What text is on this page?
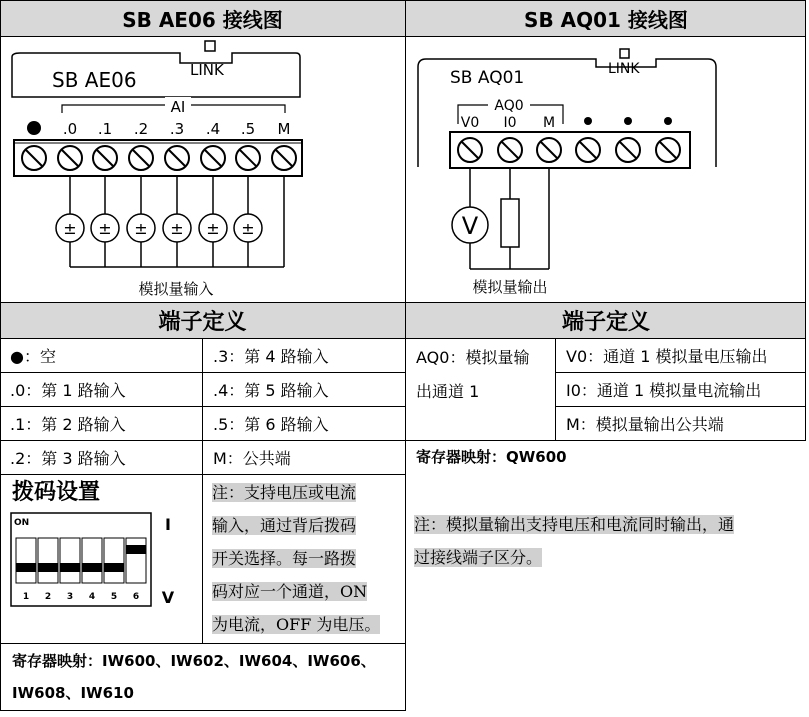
SB AE06 接线图	SB AQ01 接线图
SB AE06	LINK
AI
.0 .1 .2 .3 .4 .5 M
± ± ± ± ± ±
模拟量输入
SB AQ01	LINK
AQ0
V0 I0 M
V
模拟量输出
端子定义	端子定义
●：空	.3：第 4 路输入
.0：第 1 路输入	.4：第 5 路输入
.1：第 2 路输入	.5：第 6 路输入
.2：第 3 路输入	M：公共端
AQ0：模拟量输
出通道 1
V0：通道 1 模拟量电压输出
I0：通道 1 模拟量电流输出
M：模拟量输出公共端
寄存器映射：QW600
注：模拟量输出支持电压和电流同时输出，通
过接线端子区分。
拨码设置
ON
1 2 3 4 5 6
I
V
注：支持电压或电流
输入，通过背后拨码
开关选择。每一路拨
码对应一个通道，ON
为电流，OFF 为电压。
寄存器映射：IW600、IW602、IW604、IW606、
IW608、IW610
